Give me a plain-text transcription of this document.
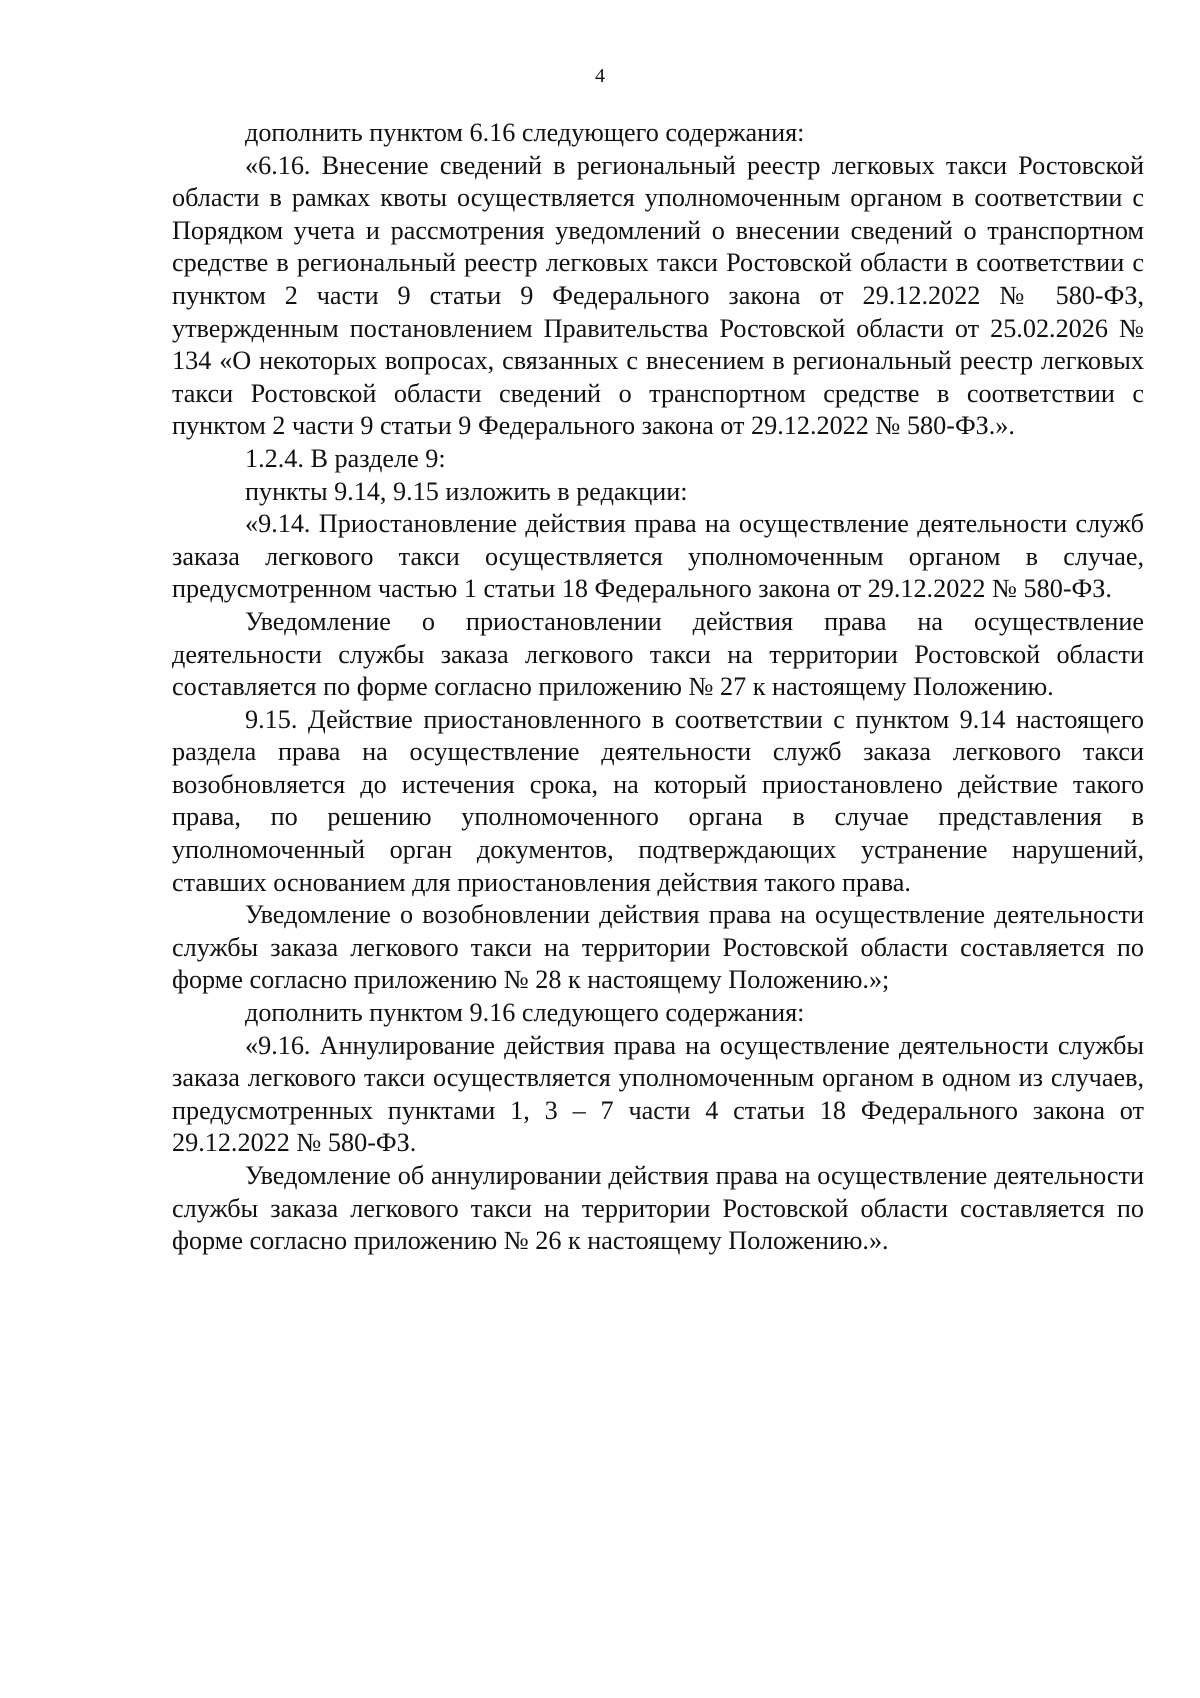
4

дополнить пунктом 6.16 следующего содержания:

«6.16. Внесение сведений в региональный реестр легковых такси Ростовской области в рамках квоты осуществляется уполномоченным органом в соответствии с Порядком учета и рассмотрения уведомлений о внесении сведений о транспортном средстве в региональный реестр легковых такси Ростовской области в соответствии с пунктом 2 части 9 статьи 9 Федерального закона от 29.12.2022 № 580-ФЗ, утвержденным постановлением Правительства Ростовской области от 25.02.2026 № 134 «О некоторых вопросах, связанных с внесением в региональный реестр легковых такси Ростовской области сведений о транспортном средстве в соответствии с пунктом 2 части 9 статьи 9 Федерального закона от 29.12.2022 № 580-ФЗ.».

1.2.4. В разделе 9:

пункты 9.14, 9.15 изложить в редакции:

«9.14. Приостановление действия права на осуществление деятельности служб заказа легкового такси осуществляется уполномоченным органом в случае, предусмотренном частью 1 статьи 18 Федерального закона от 29.12.2022 № 580-ФЗ.

Уведомление о приостановлении действия права на осуществление деятельности службы заказа легкового такси на территории Ростовской области составляется по форме согласно приложению № 27 к настоящему Положению.

9.15. Действие приостановленного в соответствии с пунктом 9.14 настоящего раздела права на осуществление деятельности служб заказа легкового такси возобновляется до истечения срока, на который приостановлено действие такого права, по решению уполномоченного органа в случае представления в уполномоченный орган документов, подтверждающих устранение нарушений, ставших основанием для приостановления действия такого права.

Уведомление о возобновлении действия права на осуществление деятельности службы заказа легкового такси на территории Ростовской области составляется по форме согласно приложению № 28 к настоящему Положению.»;

дополнить пунктом 9.16 следующего содержания:

«9.16. Аннулирование действия права на осуществление деятельности службы заказа легкового такси осуществляется уполномоченным органом в одном из случаев, предусмотренных пунктами 1, 3 – 7 части 4 статьи 18 Федерального закона от 29.12.2022 № 580-ФЗ.

Уведомление об аннулировании действия права на осуществление деятельности службы заказа легкового такси на территории Ростовской области составляется по форме согласно приложению № 26 к настоящему Положению.».
